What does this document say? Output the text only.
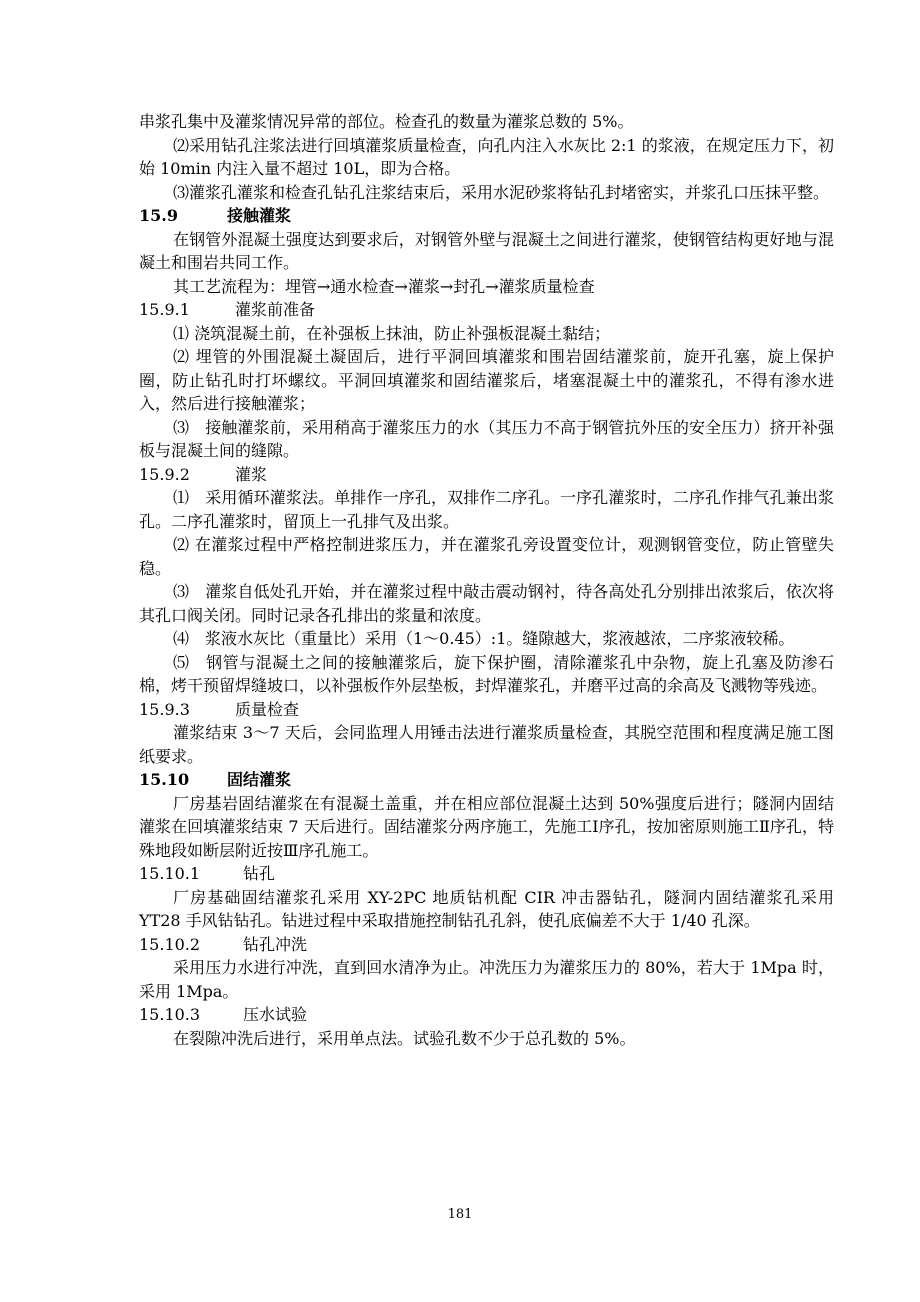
串浆孔集中及灌浆情况异常的部位。检查孔的数量为灌浆总数的 5%。

⑵采用钻孔注浆法进行回填灌浆质量检查，向孔内注入水灰比 2:1 的浆液，在规定压力下，初始 10min 内注入量不超过 10L，即为合格。

⑶灌浆孔灌浆和检查孔钻孔注浆结束后，采用水泥砂浆将钻孔封堵密实，并浆孔口压抹平整。

15.9	接触灌浆

在钢管外混凝土强度达到要求后，对钢管外壁与混凝土之间进行灌浆，使钢管结构更好地与混凝土和围岩共同工作。

其工艺流程为：埋管→通水检查→灌浆→封孔→灌浆质量检查

15.9.1	灌浆前准备

⑴ 浇筑混凝土前，在补强板上抹油，防止补强板混凝土黏结；

⑵ 埋管的外围混凝土凝固后，进行平洞回填灌浆和围岩固结灌浆前，旋开孔塞，旋上保护圈，防止钻孔时打坏螺纹。平洞回填灌浆和固结灌浆后，堵塞混凝土中的灌浆孔，不得有渗水进入，然后进行接触灌浆；

⑶　接触灌浆前，采用稍高于灌浆压力的水（其压力不高于钢管抗外压的安全压力）挤开补强板与混凝土间的缝隙。

15.9.2	灌浆

⑴　采用循环灌浆法。单排作一序孔，双排作二序孔。一序孔灌浆时，二序孔作排气孔兼出浆孔。二序孔灌浆时，留顶上一孔排气及出浆。

⑵ 在灌浆过程中严格控制进浆压力，并在灌浆孔旁设置变位计，观测钢管变位，防止管壁失稳。

⑶　灌浆自低处孔开始，并在灌浆过程中敲击震动钢衬，待各高处孔分别排出浓浆后，依次将其孔口阀关闭。同时记录各孔排出的浆量和浓度。

⑷　浆液水灰比（重量比）采用（1～0.45）:1。缝隙越大，浆液越浓，二序浆液较稀。

⑸　钢管与混凝土之间的接触灌浆后，旋下保护圈，清除灌浆孔中杂物，旋上孔塞及防渗石棉，烤干预留焊缝坡口，以补强板作外层垫板，封焊灌浆孔，并磨平过高的余高及飞溅物等残迹。

15.9.3	质量检查

灌浆结束 3～7 天后，会同监理人用锤击法进行灌浆质量检查，其脱空范围和程度满足施工图纸要求。

15.10 固结灌浆

厂房基岩固结灌浆在有混凝土盖重，并在相应部位混凝土达到 50%强度后进行；隧洞内固结灌浆在回填灌浆结束 7 天后进行。固结灌浆分两序施工，先施工Ⅰ序孔，按加密原则施工Ⅱ序孔，特殊地段如断层附近按Ⅲ序孔施工。

15.10.1	钻孔

厂房基础固结灌浆孔采用 XY-2PC 地质钻机配 CIR 冲击器钻孔，隧洞内固结灌浆孔采用 YT28 手风钻钻孔。钻进过程中采取措施控制钻孔孔斜，使孔底偏差不大于 1/40 孔深。

15.10.2	钻孔冲洗

采用压力水进行冲洗，直到回水清净为止。冲洗压力为灌浆压力的 80%，若大于 1Mpa 时，采用 1Mpa。

15.10.3	压水试验

在裂隙冲洗后进行，采用单点法。试验孔数不少于总孔数的 5%。

181
